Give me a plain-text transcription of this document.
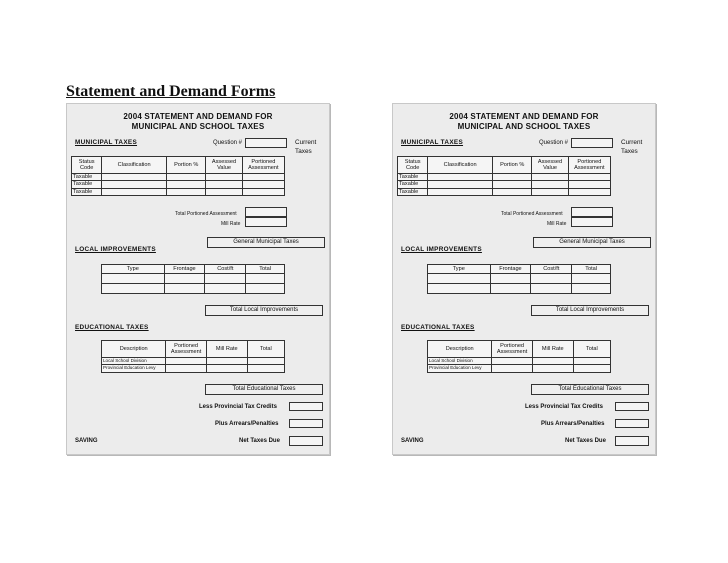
Statement and Demand Forms
2004 STATEMENT AND DEMAND FOR
MUNICIPAL AND SCHOOL TAXES
MUNICIPAL TAXES	Question #	Current Taxes
Status Code	Classification	Portion %	Assessed Value	Portioned Assessment
Taxable				
Taxable				
Taxable				
Total Portioned Assessment
Mill Rate
General Municipal Taxes
LOCAL IMPROVEMENTS
Type	Frontage	Cost/ft	Total

Total Local Improvements
EDUCATIONAL TAXES
Description	Portioned Assessment	Mill Rate	Total
Local School Division			
Provincial Education Levy			
Total Educational Taxes
Less Provincial Tax Credits
Plus Arrears/Penalties
SAVING	Net Taxes Due
2004 STATEMENT AND DEMAND FOR
MUNICIPAL AND SCHOOL TAXES
MUNICIPAL TAXES	Question #	Current Taxes
Status Code	Classification	Portion %	Assessed Value	Portioned Assessment
Taxable				
Taxable				
Taxable				
Total Portioned Assessment
Mill Rate
General Municipal Taxes
LOCAL IMPROVEMENTS
Type	Frontage	Cost/ft	Total

Total Local Improvements
EDUCATIONAL TAXES
Description	Portioned Assessment	Mill Rate	Total
Local School Division			
Provincial Education Levy			
Total Educational Taxes
Less Provincial Tax Credits
Plus Arrears/Penalties
SAVING	Net Taxes Due
